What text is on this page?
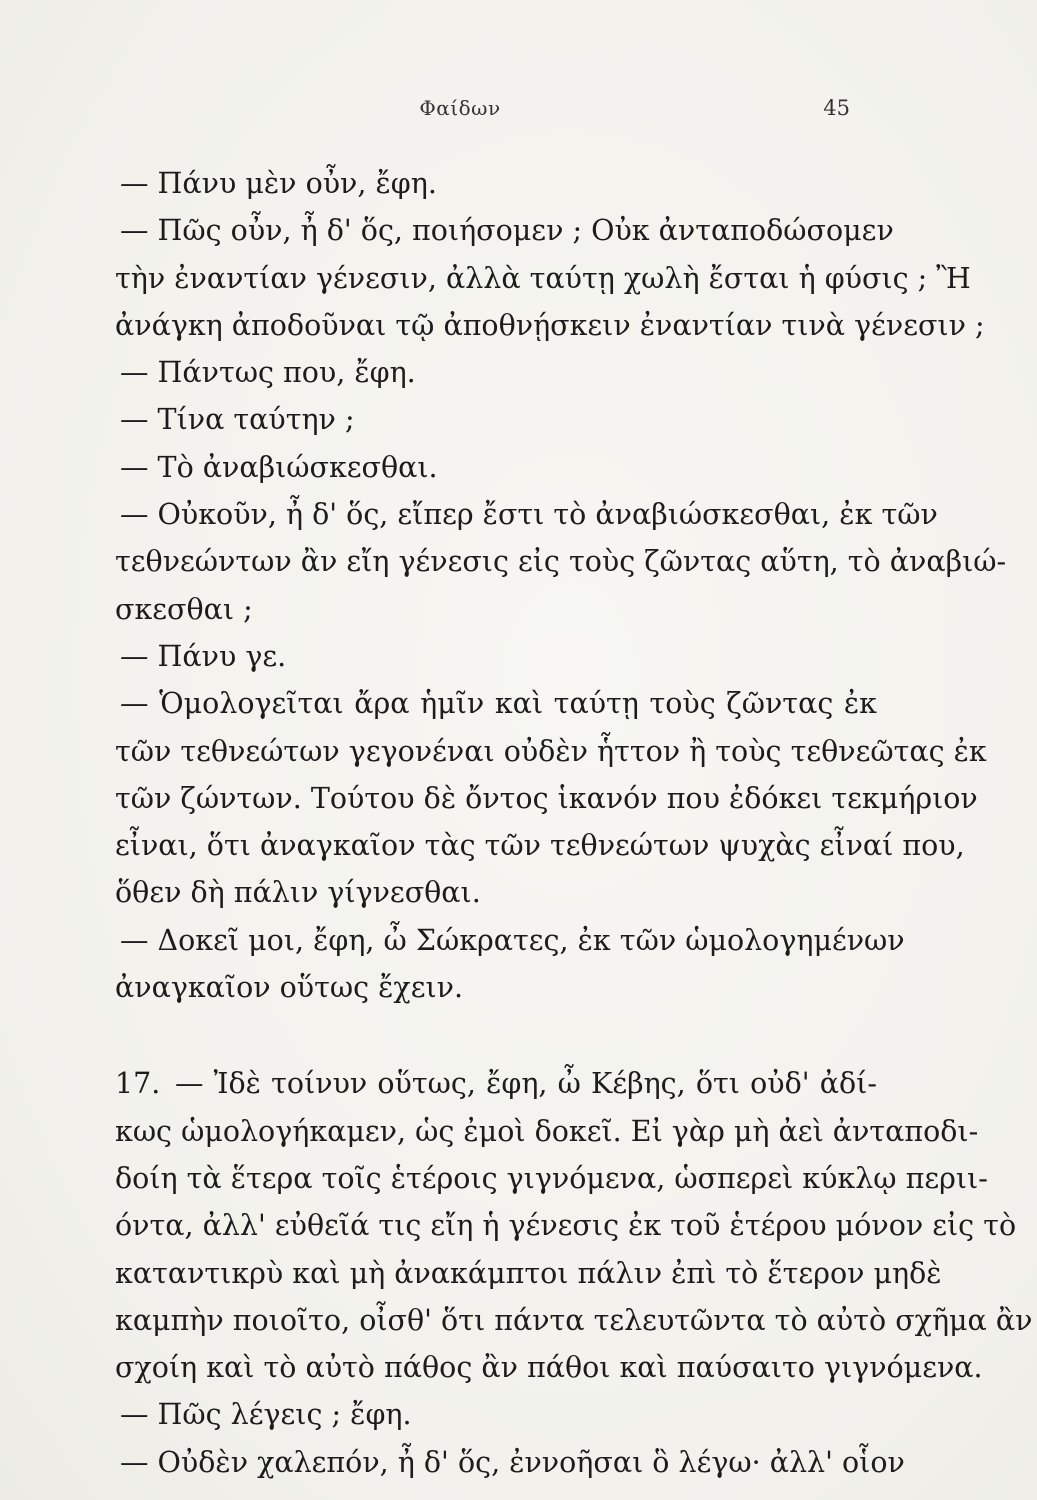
Φαίδων	45
— Πάνυ μὲν οὖν, ἔφη.
— Πῶς οὖν, ἦ δ' ὅς, ποιήσομεν ; Οὐκ ἀνταποδώσομεν
τὴν ἐναντίαν γένεσιν, ἀλλὰ ταύτῃ χωλὴ ἔσται ἡ φύσις ; Ἢ
ἀνάγκη ἀποδοῦναι τῷ ἀποθνῄσκειν ἐναντίαν τινὰ γένεσιν ;
— Πάντως που, ἔφη.
— Τίνα ταύτην ;
— Τὸ ἀναβιώσκεσθαι.
— Οὐκοῦν, ἦ δ' ὅς, εἴπερ ἔστι τὸ ἀναβιώσκεσθαι, ἐκ τῶν
τεθνεώντων ἂν εἴη γένεσις εἰς τοὺς ζῶντας αὕτη, τὸ ἀναβιώ-
σκεσθαι ;
— Πάνυ γε.
— Ὁμολογεῖται ἄρα ἡμῖν καὶ ταύτῃ τοὺς ζῶντας ἐκ
τῶν τεθνεώτων γεγονέναι οὐδὲν ἧττον ἢ τοὺς τεθνεῶτας ἐκ
τῶν ζώντων. Τούτου δὲ ὄντος ἱκανόν που ἐδόκει τεκμήριον
εἶναι, ὅτι ἀναγκαῖον τὰς τῶν τεθνεώτων ψυχὰς εἶναί που,
ὅθεν δὴ πάλιν γίγνεσθαι.
— Δοκεῖ μοι, ἔφη, ὦ Σώκρατες, ἐκ τῶν ὡμολογημένων
ἀναγκαῖον οὕτως ἔχειν.
17. — Ἰδὲ τοίνυν οὕτως, ἔφη, ὦ Κέβης, ὅτι οὐδ' ἀδί-
κως ὡμολογήκαμεν, ὡς ἐμοὶ δοκεῖ. Εἰ γὰρ μὴ ἀεὶ ἀνταποδι-
δοίη τὰ ἕτερα τοῖς ἑτέροις γιγνόμενα, ὡσπερεὶ κύκλῳ περιι-
όντα, ἀλλ' εὐθεῖά τις εἴη ἡ γένεσις ἐκ τοῦ ἑτέρου μόνον εἰς τὸ
καταντικρὺ καὶ μὴ ἀνακάμπτοι πάλιν ἐπὶ τὸ ἕτερον μηδὲ
καμπὴν ποιοῖτο, οἶσθ' ὅτι πάντα τελευτῶντα τὸ αὐτὸ σχῆμα ἂν
σχοίη καὶ τὸ αὐτὸ πάθος ἂν πάθοι καὶ παύσαιτο γιγνόμενα.
— Πῶς λέγεις ; ἔφη.
— Οὐδὲν χαλεπόν, ἦ δ' ὅς, ἐννοῆσαι ὃ λέγω· ἀλλ' οἷον
